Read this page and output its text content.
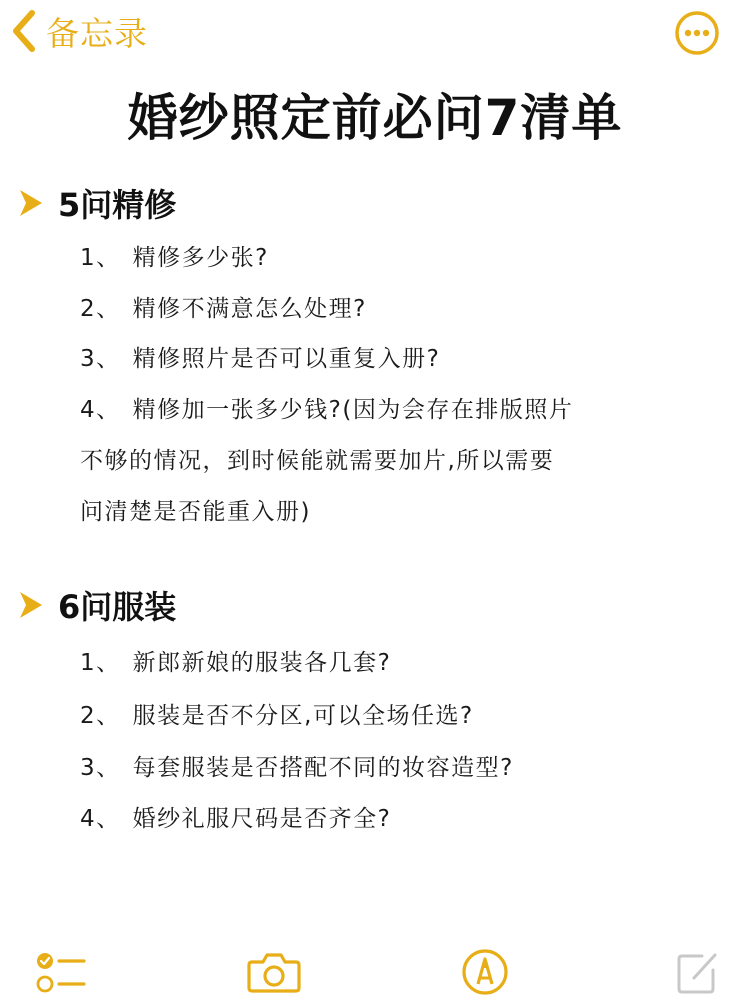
备忘录
婚纱照定前必问7清单
5问精修
1、 精修多少张?
2、 精修不满意怎么处理?
3、 精修照片是否可以重复入册?
4、 精修加一张多少钱?(因为会存在排版照片
不够的情况，到时候能就需要加片,所以需要
问清楚是否能重入册)
6问服装
1、 新郎新娘的服装各几套?
2、 服装是否不分区,可以全场任选?
3、 每套服装是否搭配不同的妆容造型?
4、 婚纱礼服尺码是否齐全?
